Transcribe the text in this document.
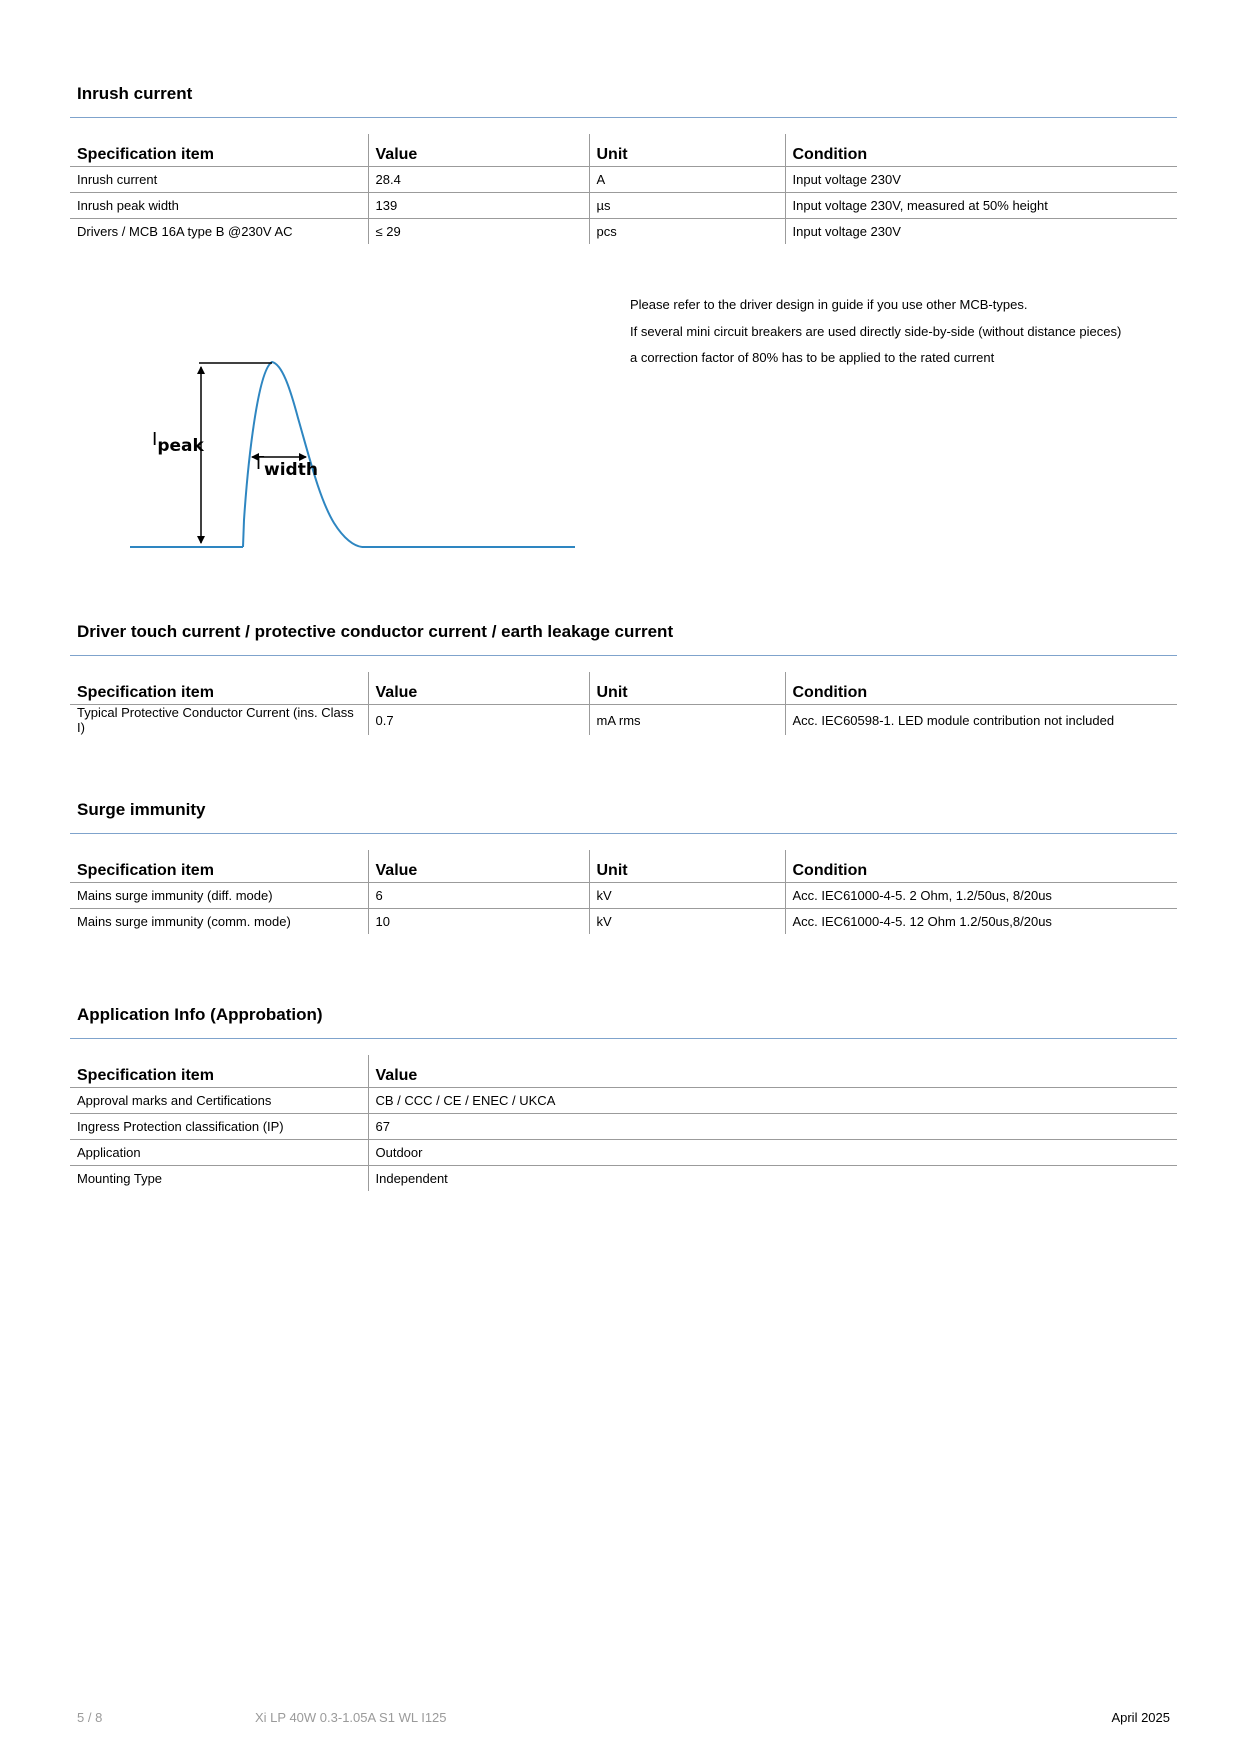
Inrush current
Specification item	Value	Unit	Condition
Inrush current	28.4	A	Input voltage 230V
Inrush peak width	139	µs	Input voltage 230V, measured at 50% height
Drivers / MCB 16A type B @230V AC	≤ 29	pcs	Input voltage 230V
Ipeak
Twidth

Please refer to the driver design in guide if you use other MCB-types.

If several mini circuit breakers are used directly side-by-side (without distance pieces)

a correction factor of 80% has to be applied to the rated current

Driver touch current / protective conductor current / earth leakage current
Specification item	Value	Unit	Condition
Typical Protective Conductor Current (ins. Class I)	0.7	mA rms	Acc. IEC60598-1. LED module contribution not included
Surge immunity
Specification item	Value	Unit	Condition
Mains surge immunity (diff. mode)	6	kV	Acc. IEC61000-4-5. 2 Ohm, 1.2/50us, 8/20us
Mains surge immunity (comm. mode)	10	kV	Acc. IEC61000-4-5. 12 Ohm 1.2/50us,8/20us
Application Info (Approbation)
Specification item	Value
Approval marks and Certifications	CB / CCC / CE / ENEC / UKCA
Ingress Protection classification (IP)	67
Application	Outdoor
Mounting Type	Independent
5 / 8	Xi LP 40W 0.3-1.05A S1 WL I125	April 2025
